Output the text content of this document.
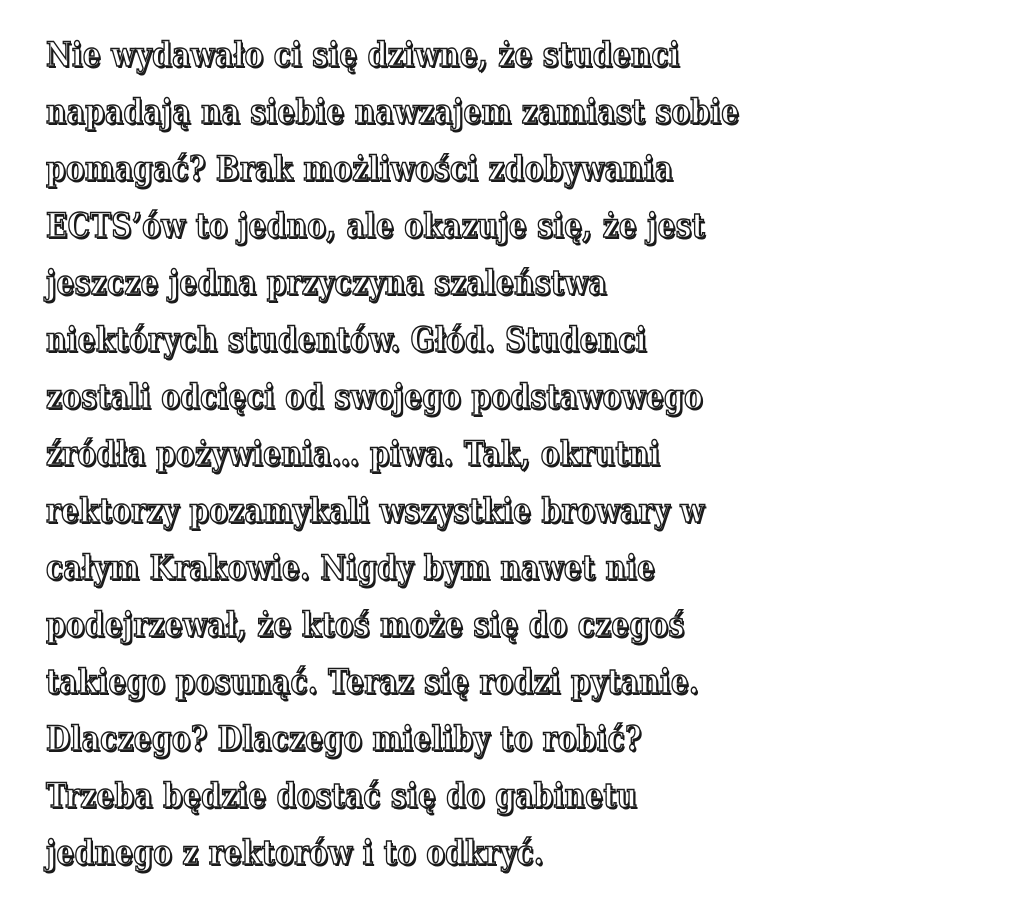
Nie wydawało ci się dziwne, że studenci
napadają na siebie nawzajem zamiast sobie
pomagać? Brak możliwości zdobywania
ECTS’ów to jedno, ale okazuje się, że jest
jeszcze jedna przyczyna szaleństwa
niektórych studentów. Głód. Studenci
zostali odcięci od swojego podstawowego
źródła pożywienia… piwa. Tak, okrutni
rektorzy pozamykali wszystkie browary w
całym Krakowie. Nigdy bym nawet nie
podejrzewał, że ktoś może się do czegoś
takiego posunąć. Teraz się rodzi pytanie.
Dlaczego? Dlaczego mieliby to robić?
Trzeba będzie dostać się do gabinetu
jednego z rektorów i to odkryć.
